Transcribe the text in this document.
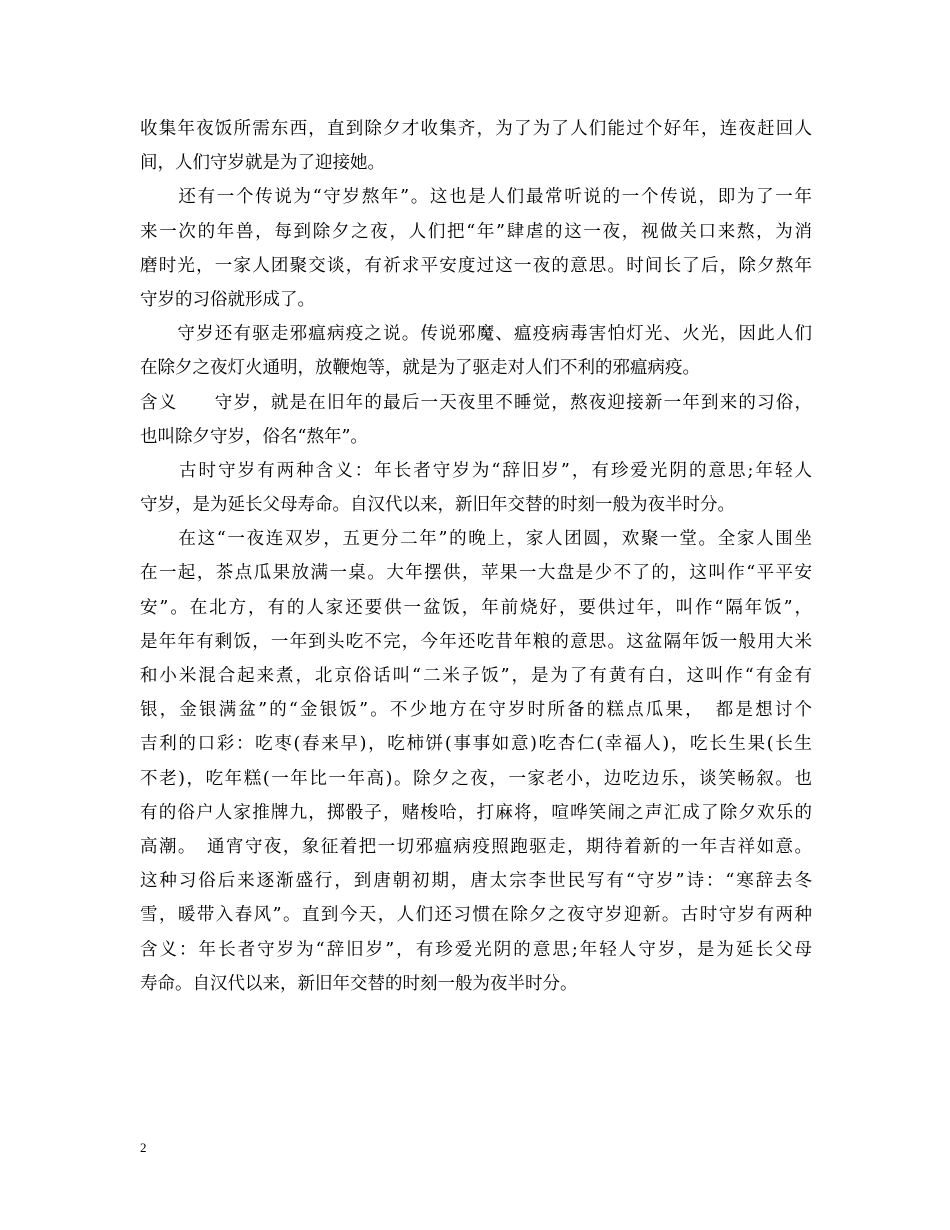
收集年夜饭所需东西，直到除夕才收集齐，为了为了人们能过个好年，连夜赶回人
间，人们守岁就是为了迎接她。
　　还有一个传说为“守岁熬年”。这也是人们最常听说的一个传说，即为了一年
来一次的年兽，每到除夕之夜，人们把“年”肆虐的这一夜，视做关口来熬，为消
磨时光，一家人团聚交谈，有祈求平安度过这一夜的意思。时间长了后，除夕熬年
守岁的习俗就形成了。
　　守岁还有驱走邪瘟病疫之说。传说邪魔、瘟疫病毒害怕灯光、火光，因此人们
在除夕之夜灯火通明，放鞭炮等，就是为了驱走对人们不利的邪瘟病疫。
含义　　守岁，就是在旧年的最后一天夜里不睡觉，熬夜迎接新一年到来的习俗，
也叫除夕守岁，俗名“熬年”。
　　古时守岁有两种含义：年长者守岁为“辞旧岁”，有珍爱光阴的意思;年轻人
守岁，是为延长父母寿命。自汉代以来，新旧年交替的时刻一般为夜半时分。
　　在这“一夜连双岁，五更分二年”的晚上，家人团圆，欢聚一堂。全家人围坐
在一起，茶点瓜果放满一桌。大年摆供，苹果一大盘是少不了的，这叫作“平平安
安”。在北方，有的人家还要供一盆饭，年前烧好，要供过年，叫作“隔年饭”，
是年年有剩饭，一年到头吃不完，今年还吃昔年粮的意思。这盆隔年饭一般用大米
和小米混合起来煮，北京俗话叫“二米子饭”，是为了有黄有白，这叫作“有金有
银，金银满盆”的“金银饭”。不少地方在守岁时所备的糕点瓜果，　都是想讨个
吉利的口彩：吃枣(春来早)，吃柿饼(事事如意)吃杏仁(幸福人)，吃长生果(长生
不老)，吃年糕(一年比一年高)。除夕之夜，一家老小，边吃边乐，谈笑畅叙。也
有的俗户人家推牌九，掷骰子，赌梭哈，打麻将，喧哗笑闹之声汇成了除夕欢乐的
高潮。　通宵守夜，象征着把一切邪瘟病疫照跑驱走，期待着新的一年吉祥如意。
这种习俗后来逐渐盛行，到唐朝初期，唐太宗李世民写有“守岁”诗：“寒辞去冬
雪，暖带入春风”。直到今天，人们还习惯在除夕之夜守岁迎新。古时守岁有两种
含义：年长者守岁为“辞旧岁”，有珍爱光阴的意思;年轻人守岁，是为延长父母
寿命。自汉代以来，新旧年交替的时刻一般为夜半时分。
2
